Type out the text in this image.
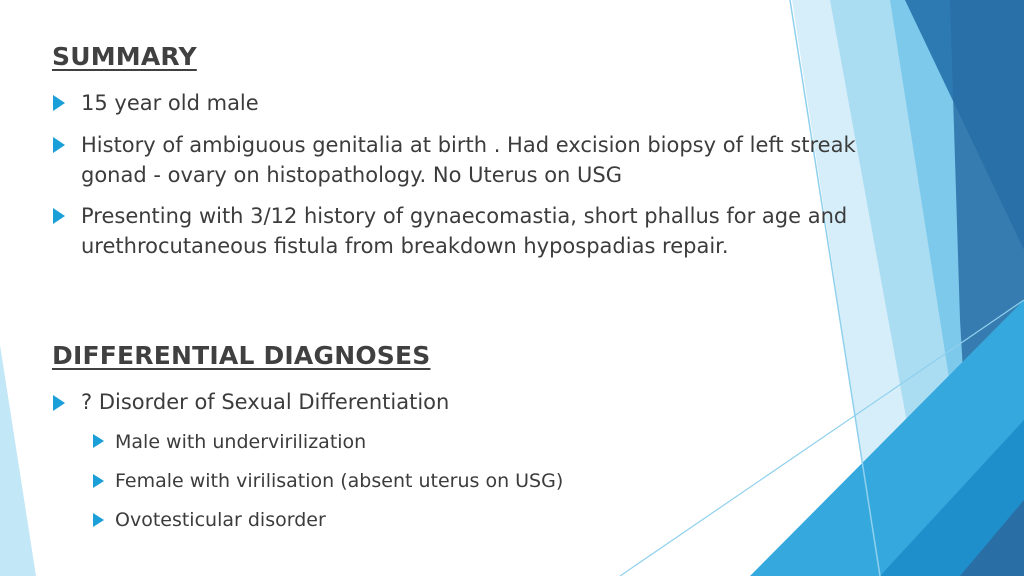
SUMMARY
15 year old male
History of ambiguous genitalia at birth . Had excision biopsy of left streak gonad - ovary on histopathology. No Uterus on USG
Presenting with 3/12 history of gynaecomastia, short phallus for age and urethrocutaneous fistula from breakdown hypospadias repair.
DIFFERENTIAL DIAGNOSES
? Disorder of Sexual Differentiation
Male with undervirilization
Female with virilisation (absent uterus on USG)
Ovotesticular disorder
